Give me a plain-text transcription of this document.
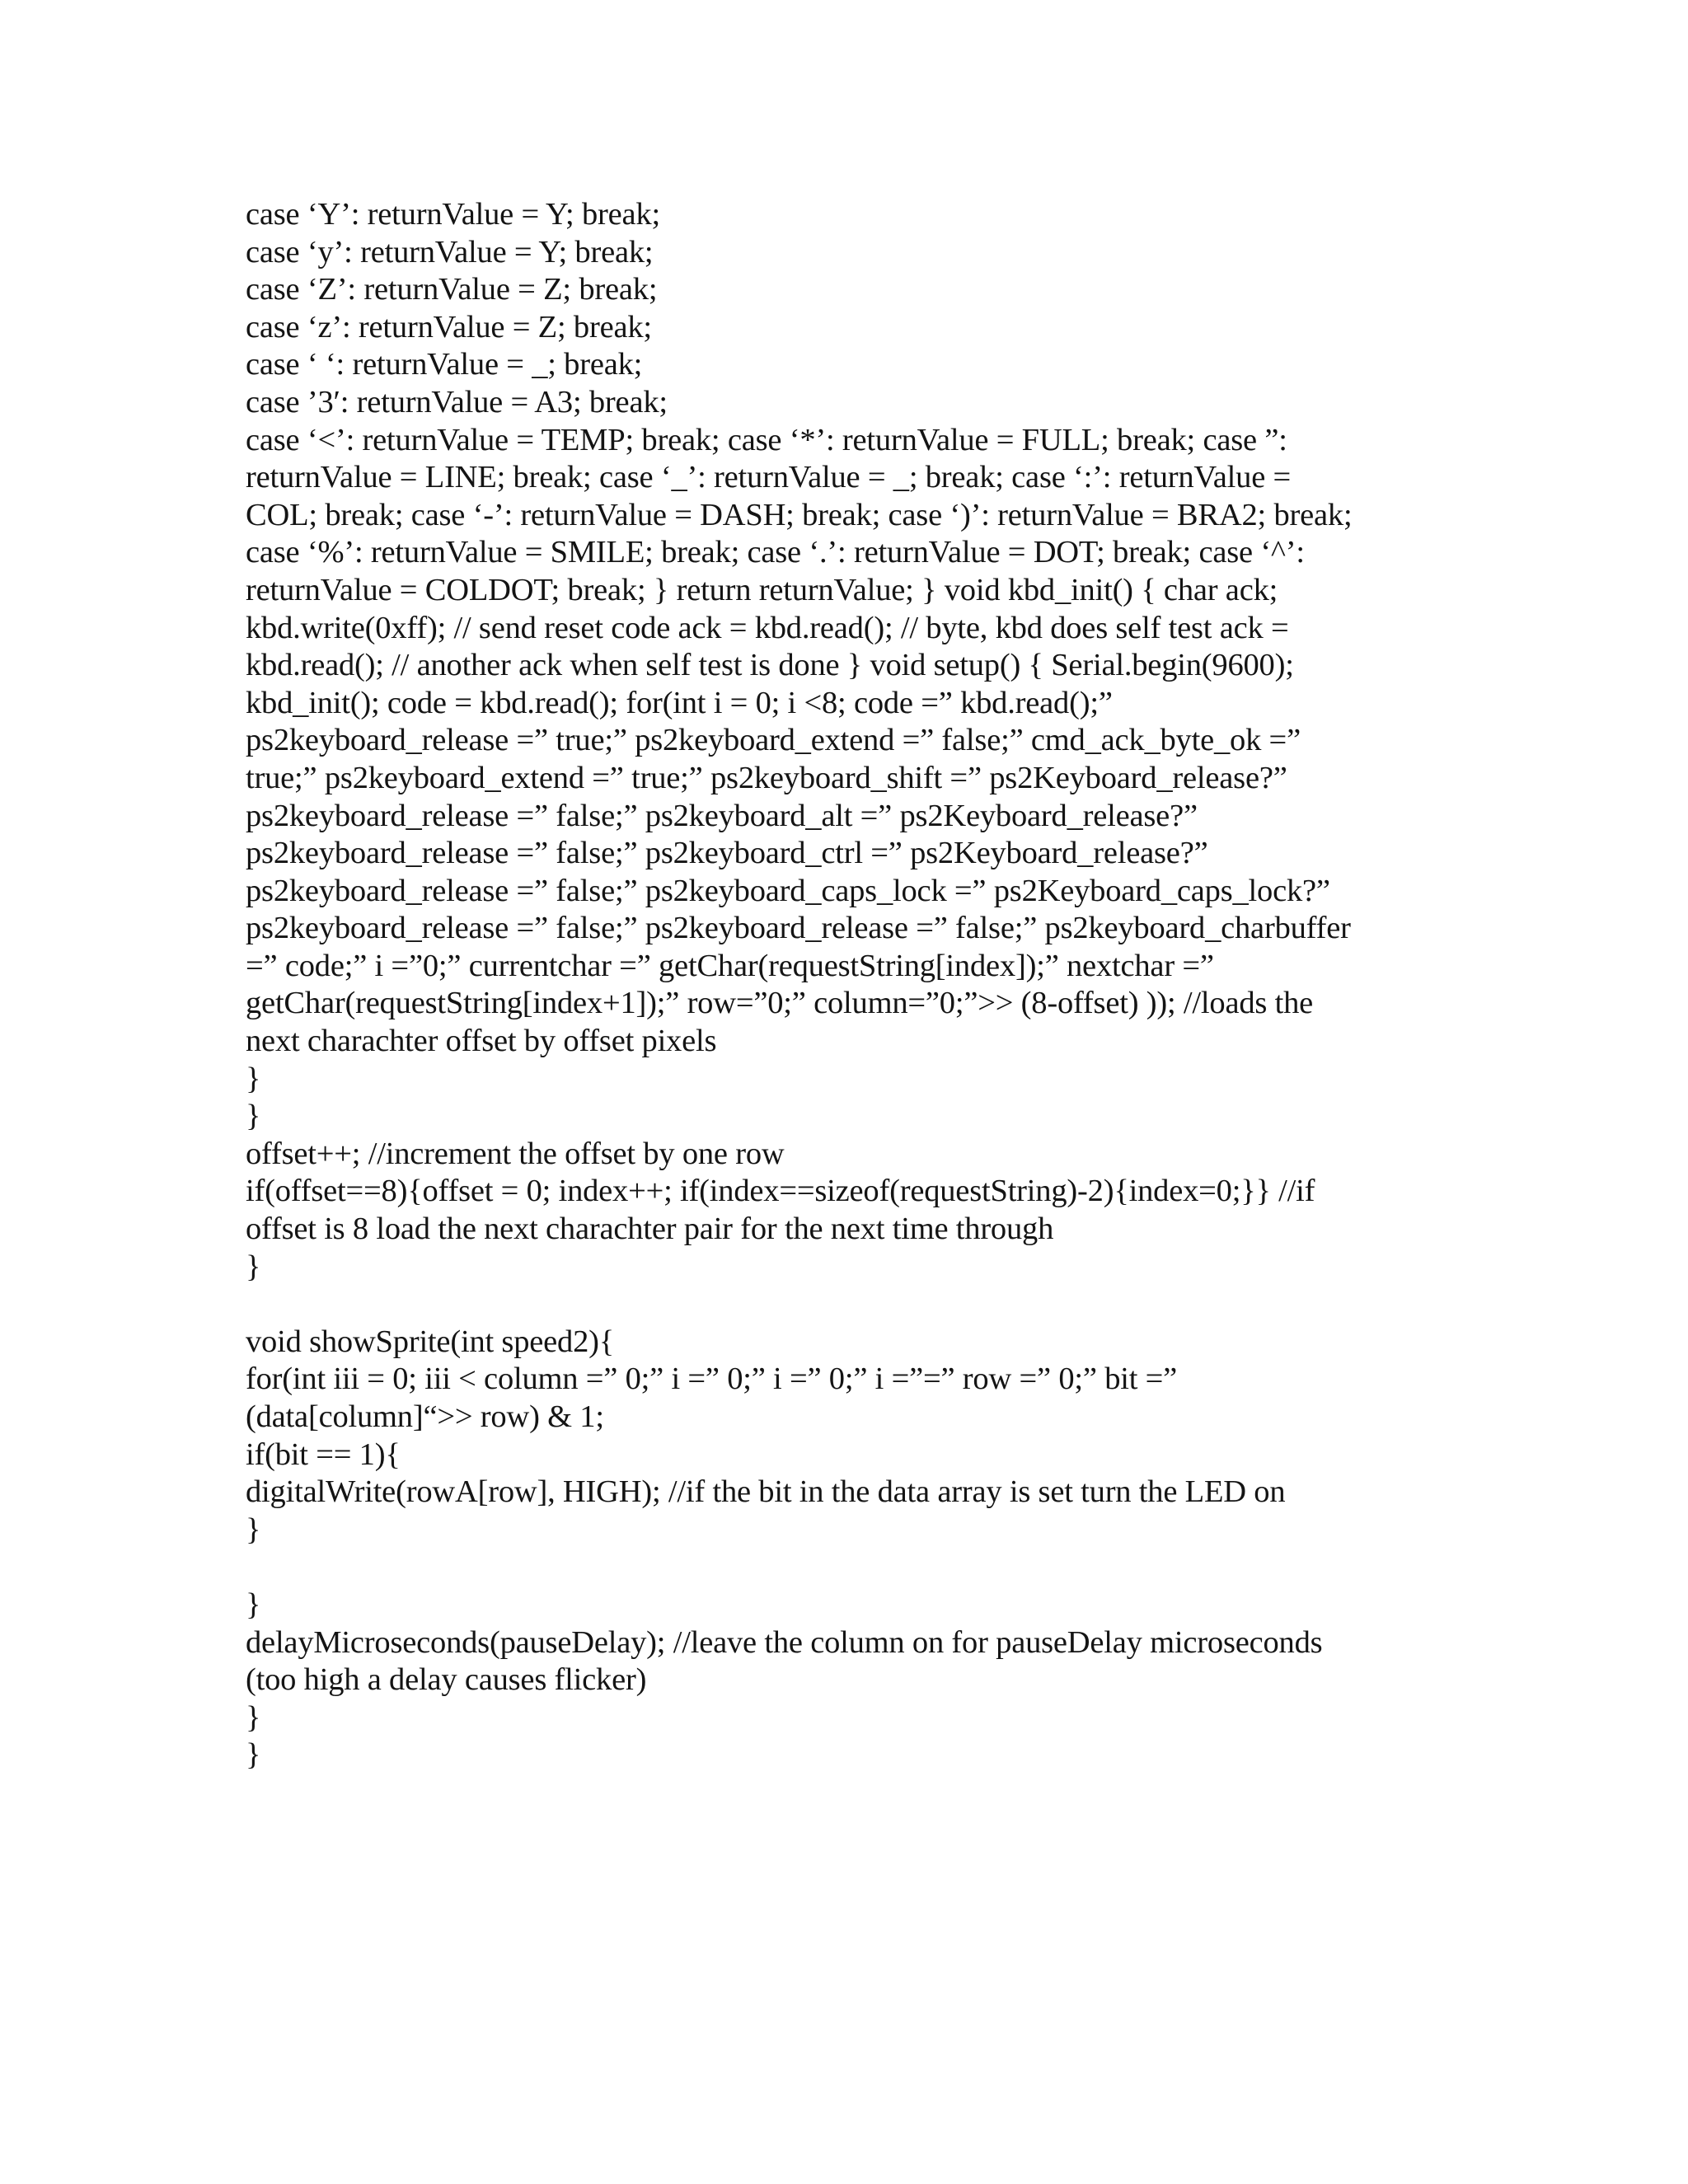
case ‘Y’: returnValue = Y; break;
case ‘y’: returnValue = Y; break;
case ‘Z’: returnValue = Z; break;
case ‘z’: returnValue = Z; break;
case ‘ ‘: returnValue = _; break;
case ’3′: returnValue = A3; break;
case ‘<’: returnValue = TEMP; break; case ‘*’: returnValue = FULL; break; case ”:
returnValue = LINE; break; case ‘_’: returnValue = _; break; case ‘:’: returnValue =
COL; break; case ‘-’: returnValue = DASH; break; case ‘)’: returnValue = BRA2; break;
case ‘%’: returnValue = SMILE; break; case ‘.’: returnValue = DOT; break; case ‘^’:
returnValue = COLDOT; break; } return returnValue; } void kbd_init() { char ack;
kbd.write(0xff); // send reset code ack = kbd.read(); // byte, kbd does self test ack =
kbd.read(); // another ack when self test is done } void setup() { Serial.begin(9600);
kbd_init(); code = kbd.read(); for(int i = 0; i <8; code =” kbd.read();”
ps2keyboard_release =” true;” ps2keyboard_extend =” false;” cmd_ack_byte_ok =”
true;” ps2keyboard_extend =” true;” ps2keyboard_shift =” ps2Keyboard_release?”
ps2keyboard_release =” false;” ps2keyboard_alt =” ps2Keyboard_release?”
ps2keyboard_release =” false;” ps2keyboard_ctrl =” ps2Keyboard_release?”
ps2keyboard_release =” false;” ps2keyboard_caps_lock =” ps2Keyboard_caps_lock?”
ps2keyboard_release =” false;” ps2keyboard_release =” false;” ps2keyboard_charbuffer
=” code;” i =”0;” currentchar =” getChar(requestString[index]);” nextchar =”
getChar(requestString[index+1]);” row=”0;” column=”0;”>> (8-offset) )); //loads the
next charachter offset by offset pixels
}
}
offset++; //increment the offset by one row
if(offset==8){offset = 0; index++; if(index==sizeof(requestString)-2){index=0;}} //if
offset is 8 load the next charachter pair for the next time through
}
void showSprite(int speed2){
for(int iii = 0; iii < column =” 0;” i =” 0;” i =” 0;” i =”=” row =” 0;” bit =”
(data[column]“>> row) & 1;
if(bit == 1){
digitalWrite(rowA[row], HIGH); //if the bit in the data array is set turn the LED on
}
}
delayMicroseconds(pauseDelay); //leave the column on for pauseDelay microseconds
(too high a delay causes flicker)
}
}
